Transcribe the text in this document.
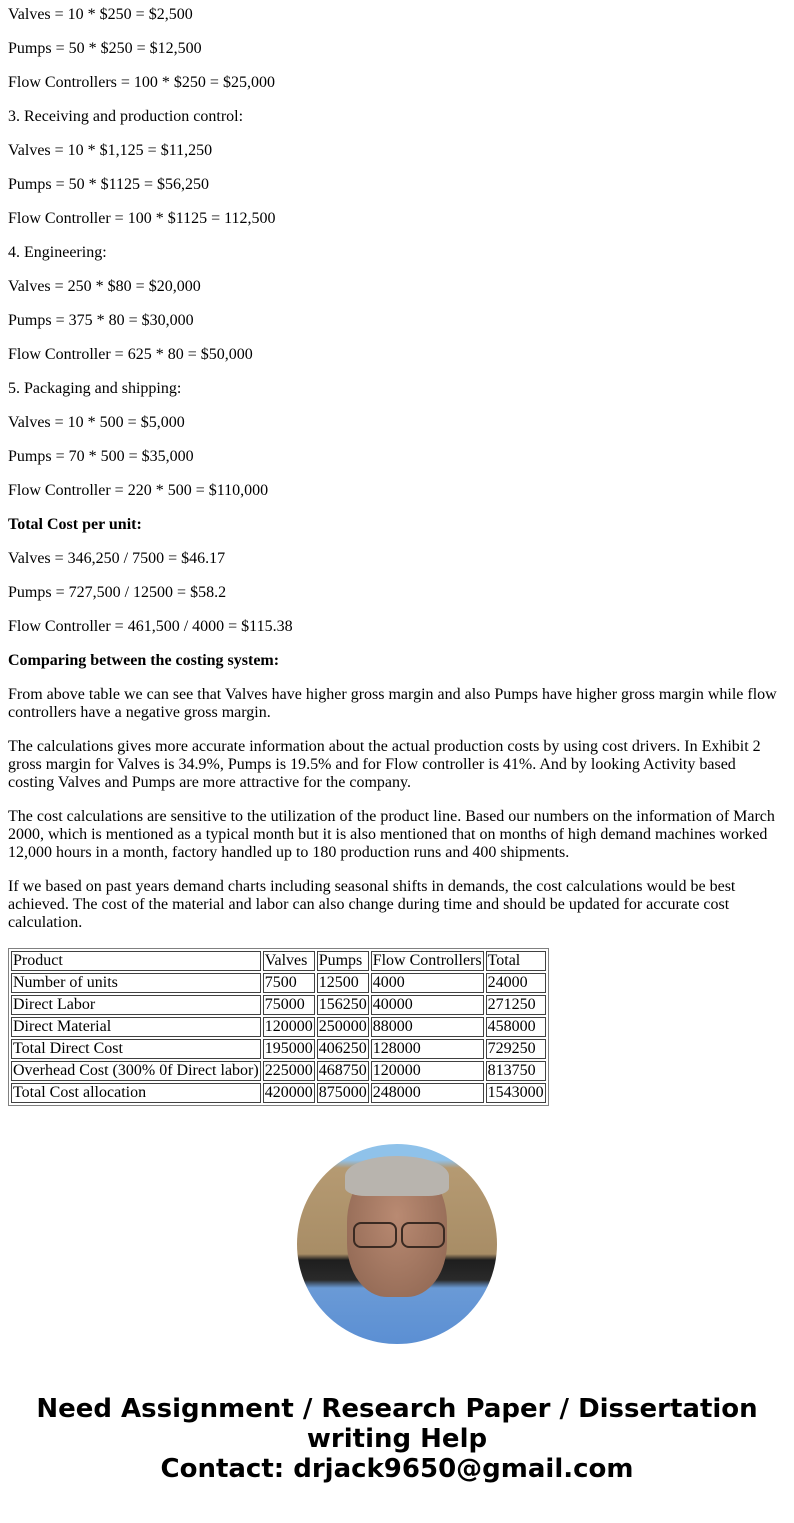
Valves = 10 * $250 = $2,500

Pumps = 50 * $250 = $12,500

Flow Controllers = 100 * $250 = $25,000

3. Receiving and production control:

Valves = 10 * $1,125 = $11,250

Pumps = 50 * $1125 = $56,250

Flow Controller = 100 * $1125 = 112,500

4. Engineering:

Valves = 250 * $80 = $20,000

Pumps = 375 * 80 = $30,000

Flow Controller = 625 * 80 = $50,000

5. Packaging and shipping:

Valves = 10 * 500 = $5,000

Pumps = 70 * 500 = $35,000

Flow Controller = 220 * 500 = $110,000

Total Cost per unit:

Valves = 346,250 / 7500 = $46.17

Pumps = 727,500 / 12500 = $58.2

Flow Controller = 461,500 / 4000 = $115.38

Comparing between the costing system:

From above table we can see that Valves have higher gross margin and also Pumps have higher gross margin while flow controllers have a negative gross margin.

The calculations gives more accurate information about the actual production costs by using cost drivers. In Exhibit 2 gross margin for Valves is 34.9%, Pumps is 19.5% and for Flow controller is 41%. And by looking Activity based costing Valves and Pumps are more attractive for the company.

The cost calculations are sensitive to the utilization of the product line. Based our numbers on the information of March 2000, which is mentioned as a typical month but it is also mentioned that on months of high demand machines worked 12,000 hours in a month, factory handled up to 180 production runs and 400 shipments.

If we based on past years demand charts including seasonal shifts in demands, the cost calculations would be best achieved. The cost of the material and labor can also change during time and should be updated for accurate cost calculation.

Product	Valves	Pumps	Flow Controllers	Total
Number of units	7500	12500	4000	24000
Direct Labor	75000	156250	40000	271250
Direct Material	120000	250000	88000	458000
Total Direct Cost	195000	406250	128000	729250
Overhead Cost (300% 0f Direct labor)	225000	468750	120000	813750
Total Cost allocation	420000	875000	248000	1543000
Need Assignment / Research Paper / Dissertation writing Help
Contact: drjack9650@gmail.com
